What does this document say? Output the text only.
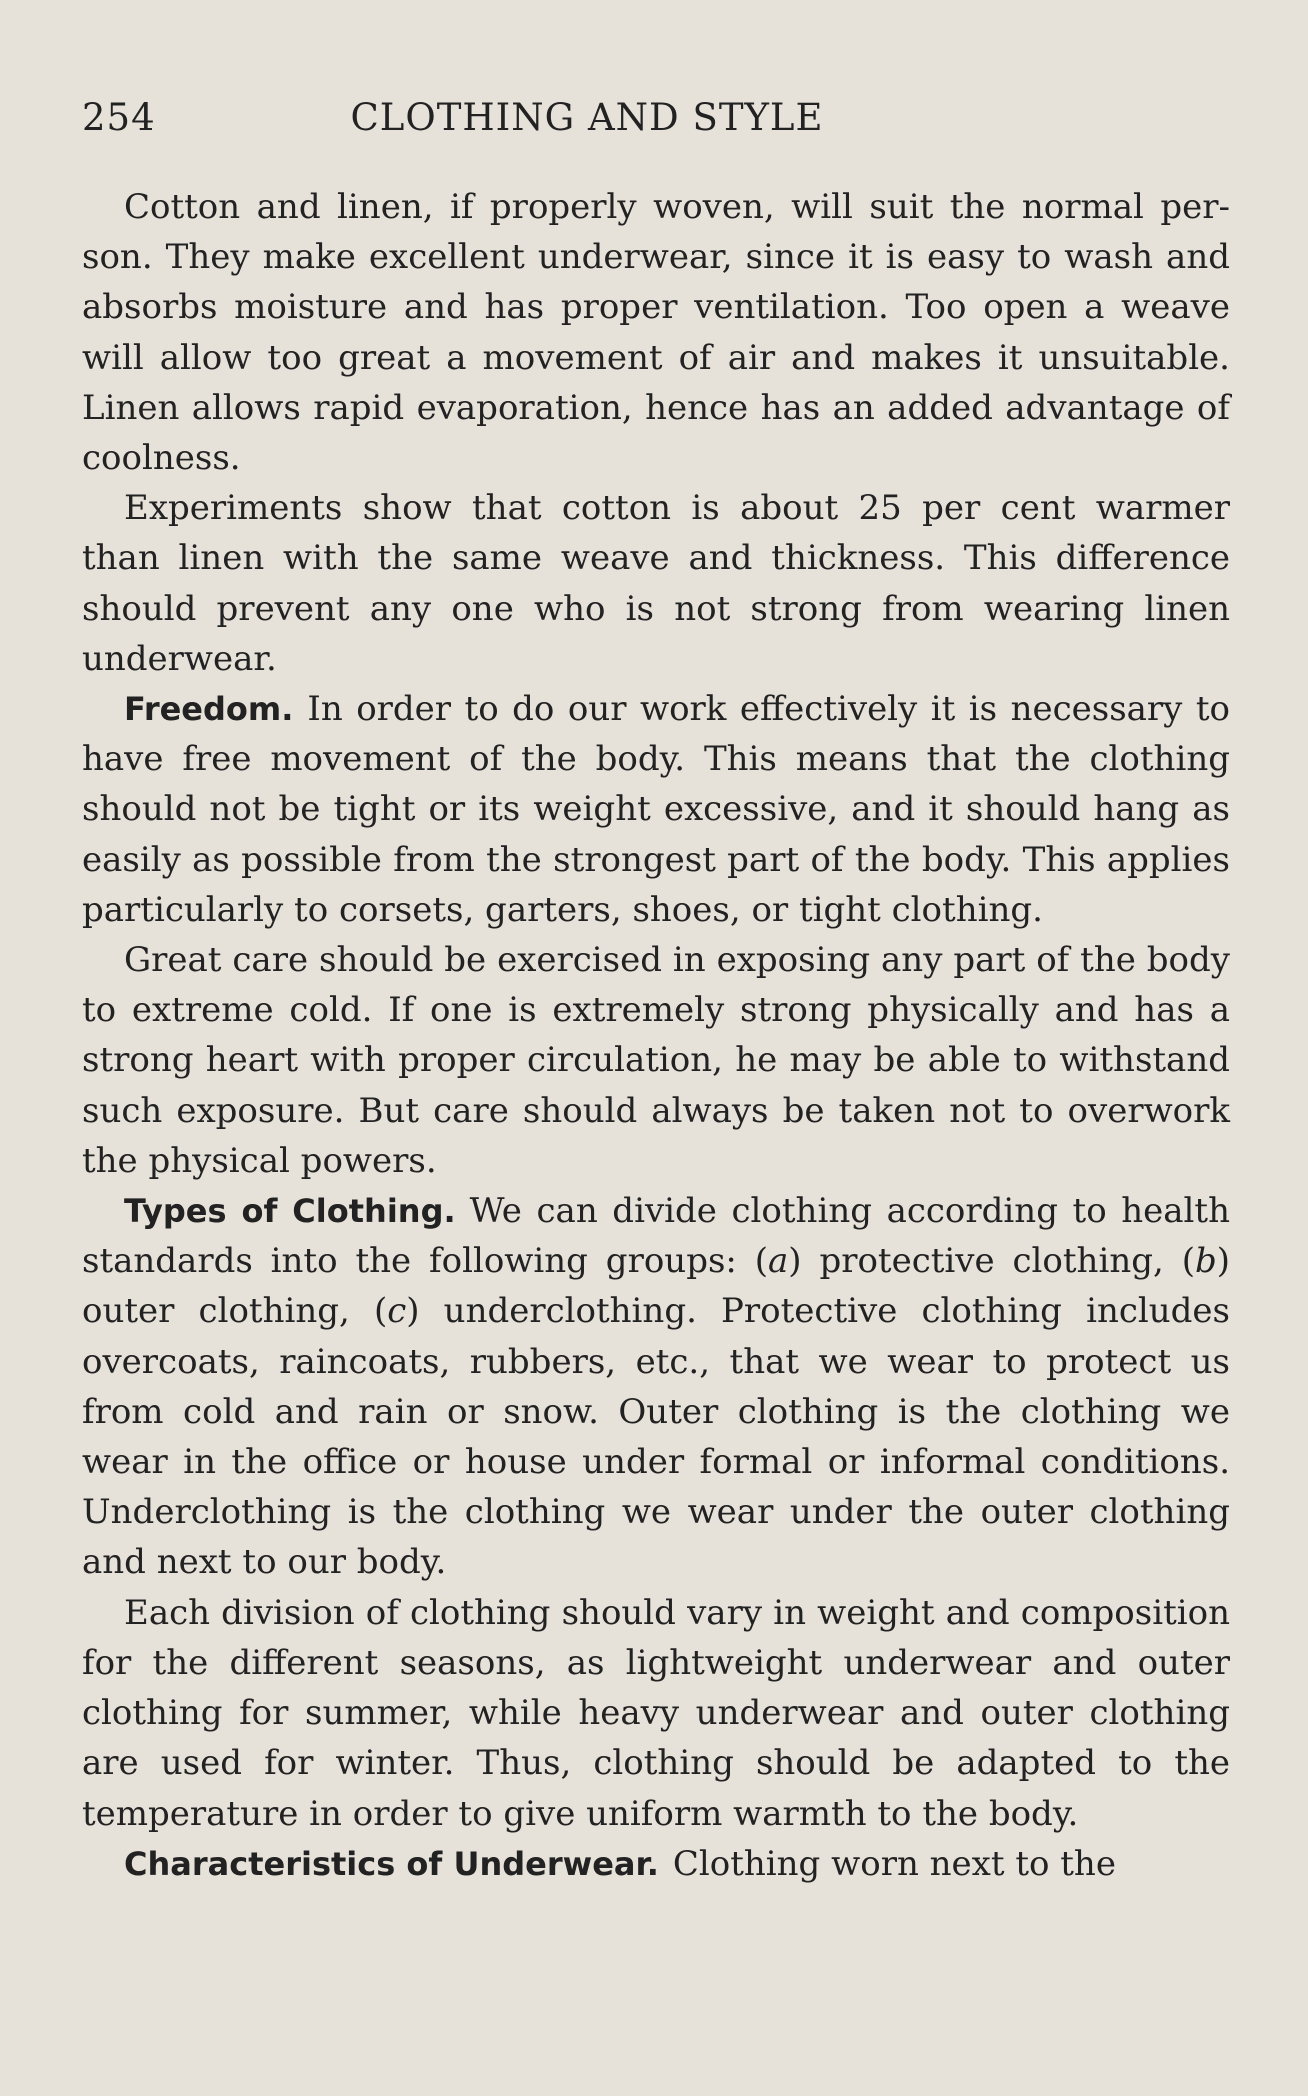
254	CLOTHING AND STYLE

Cotton and linen, if properly woven, will suit the normal person. They make excellent underwear, since it is easy to wash and absorbs moisture and has proper ventilation. Too open a weave will allow too great a movement of air and makes it unsuitable. Linen allows rapid evaporation, hence has an added advantage of coolness.

Experiments show that cotton is about 25 per cent warmer than linen with the same weave and thickness. This difference should prevent any one who is not strong from wearing linen underwear.

Freedom. In order to do our work effectively it is necessary to have free movement of the body. This means that the clothing should not be tight or its weight excessive, and it should hang as easily as possible from the strongest part of the body. This applies particularly to corsets, garters, shoes, or tight clothing.

Great care should be exercised in exposing any part of the body to extreme cold. If one is extremely strong physically and has a strong heart with proper circulation, he may be able to withstand such exposure. But care should always be taken not to overwork the physical powers.

Types of Clothing. We can divide clothing according to health standards into the following groups: (a) protective clothing, (b) outer clothing, (c) underclothing. Protective clothing includes overcoats, raincoats, rubbers, etc., that we wear to protect us from cold and rain or snow. Outer clothing is the clothing we wear in the office or house under formal or informal conditions. Underclothing is the clothing we wear under the outer clothing and next to our body.

Each division of clothing should vary in weight and composition for the different seasons, as lightweight underwear and outer clothing for summer, while heavy underwear and outer clothing are used for winter. Thus, clothing should be adapted to the temperature in order to give uniform warmth to the body.

Characteristics of Underwear. Clothing worn next to the
